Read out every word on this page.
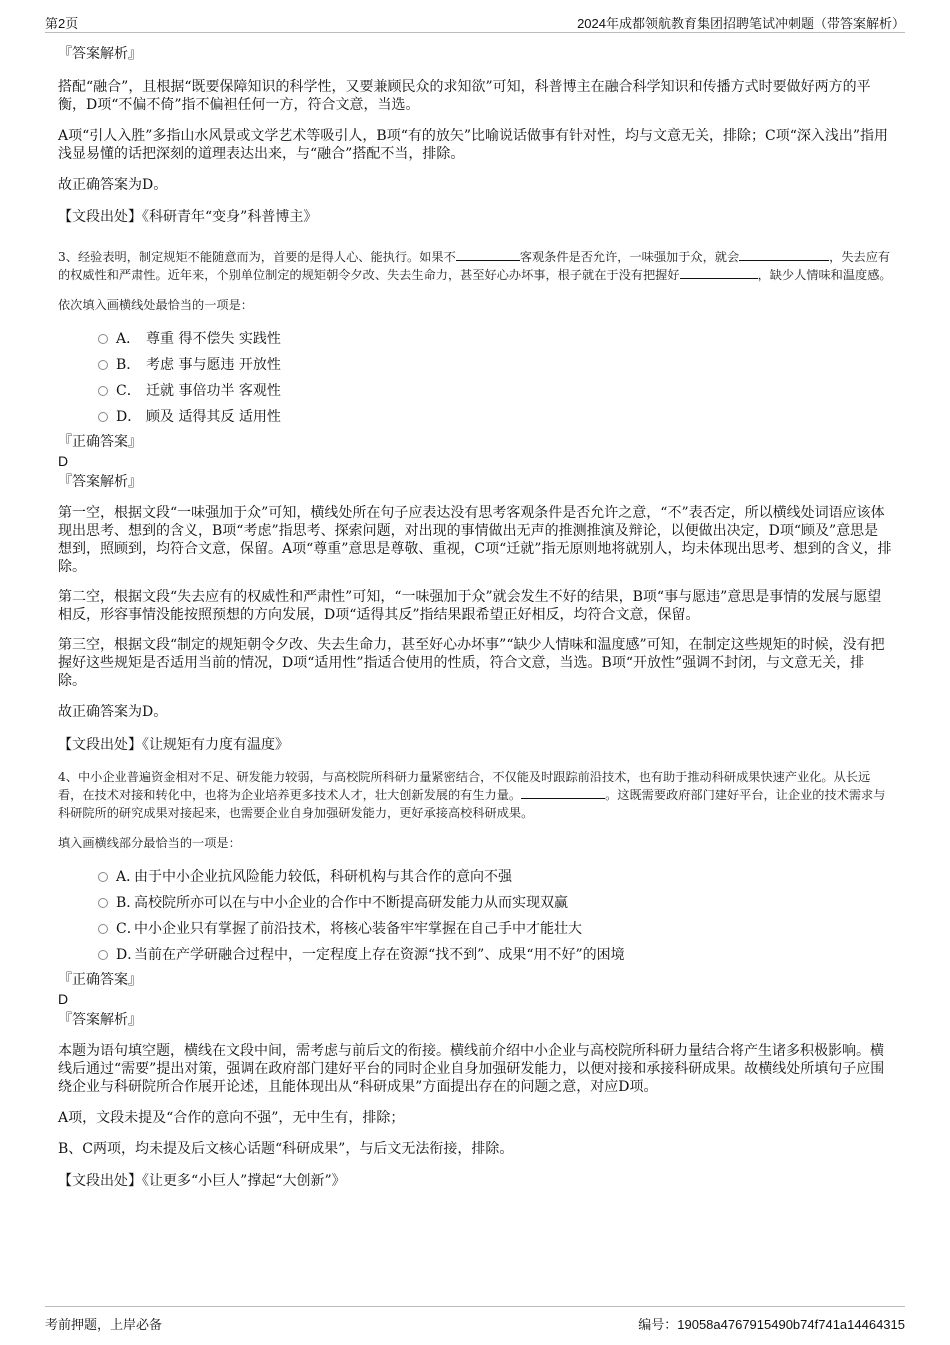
第2页	2024年成都领航教育集团招聘笔试冲刺题（带答案解析）

『答案解析』

搭配“融合”，且根据“既要保障知识的科学性，又要兼顾民众的求知欲”可知，科普博主在融合科学知识和传播方式时要做好两方的平衡，D项“不偏不倚”指不偏袒任何一方，符合文意，当选。

A项“引人入胜”多指山水风景或文学艺术等吸引人，B项“有的放矢”比喻说话做事有针对性，均与文意无关，排除；C项“深入浅出”指用浅显易懂的话把深刻的道理表达出来，与“融合”搭配不当，排除。

故正确答案为D。

【文段出处】《科研青年“变身”科普博主》

3、经验表明，制定规矩不能随意而为，首要的是得人心、能执行。如果不	客观条件是否允许，一味强加于众，就会	，失去应有的权威性和严肃性。近年来，个别单位制定的规矩朝令夕改、失去生命力，甚至好心办坏事，根子就在于没有把握好	，缺少人情味和温度感。

依次填入画横线处最恰当的一项是：

A． 尊重 得不偿失 实践性
B． 考虑 事与愿违 开放性
C． 迁就 事倍功半 客观性
D． 顾及 适得其反 适用性

『正确答案』

D

『答案解析』

第一空，根据文段“一味强加于众”可知，横线处所在句子应表达没有思考客观条件是否允许之意，“不”表否定，所以横线处词语应该体现出思考、想到的含义，B项“考虑”指思考、探索问题，对出现的事情做出无声的推测推演及辩论，以便做出决定，D项“顾及”意思是想到，照顾到，均符合文意，保留。A项“尊重”意思是尊敬、重视，C项“迁就”指无原则地将就别人，均未体现出思考、想到的含义，排除。

第二空，根据文段“失去应有的权威性和严肃性”可知，“一味强加于众”就会发生不好的结果，B项“事与愿违”意思是事情的发展与愿望相反，形容事情没能按照预想的方向发展，D项“适得其反”指结果跟希望正好相反，均符合文意，保留。

第三空，根据文段“制定的规矩朝令夕改、失去生命力，甚至好心办坏事”“缺少人情味和温度感”可知，在制定这些规矩的时候，没有把握好这些规矩是否适用当前的情况，D项“适用性”指适合使用的性质，符合文意，当选。B项“开放性”强调不封闭，与文意无关，排除。

故正确答案为D。

【文段出处】《让规矩有力度有温度》

4、中小企业普遍资金相对不足、研发能力较弱，与高校院所科研力量紧密结合，不仅能及时跟踪前沿技术，也有助于推动科研成果快速产业化。从长远看，在技术对接和转化中，也将为企业培养更多技术人才，壮大创新发展的有生力量。	。这既需要政府部门建好平台，让企业的技术需求与科研院所的研究成果对接起来，也需要企业自身加强研发能力，更好承接高校科研成果。

填入画横线部分最恰当的一项是：

A．由于中小企业抗风险能力较低，科研机构与其合作的意向不强
B．高校院所亦可以在与中小企业的合作中不断提高研发能力从而实现双赢
C．中小企业只有掌握了前沿技术，将核心装备牢牢掌握在自己手中才能壮大
D．当前在产学研融合过程中，一定程度上存在资源“找不到”、成果“用不好”的困境

『正确答案』

D

『答案解析』

本题为语句填空题，横线在文段中间，需考虑与前后文的衔接。横线前介绍中小企业与高校院所科研力量结合将产生诸多积极影响。横线后通过“需要”提出对策，强调在政府部门建好平台的同时企业自身加强研发能力，以便对接和承接科研成果。故横线处所填句子应围绕企业与科研院所合作展开论述，且能体现出从“科研成果”方面提出存在的问题之意，对应D项。

A项，文段未提及“合作的意向不强”，无中生有，排除；

B、C两项，均未提及后文核心话题“科研成果”，与后文无法衔接，排除。

【文段出处】《让更多“小巨人”撑起“大创新”》

考前押题，上岸必备	编号：19058a4767915490b74f741a14464315
